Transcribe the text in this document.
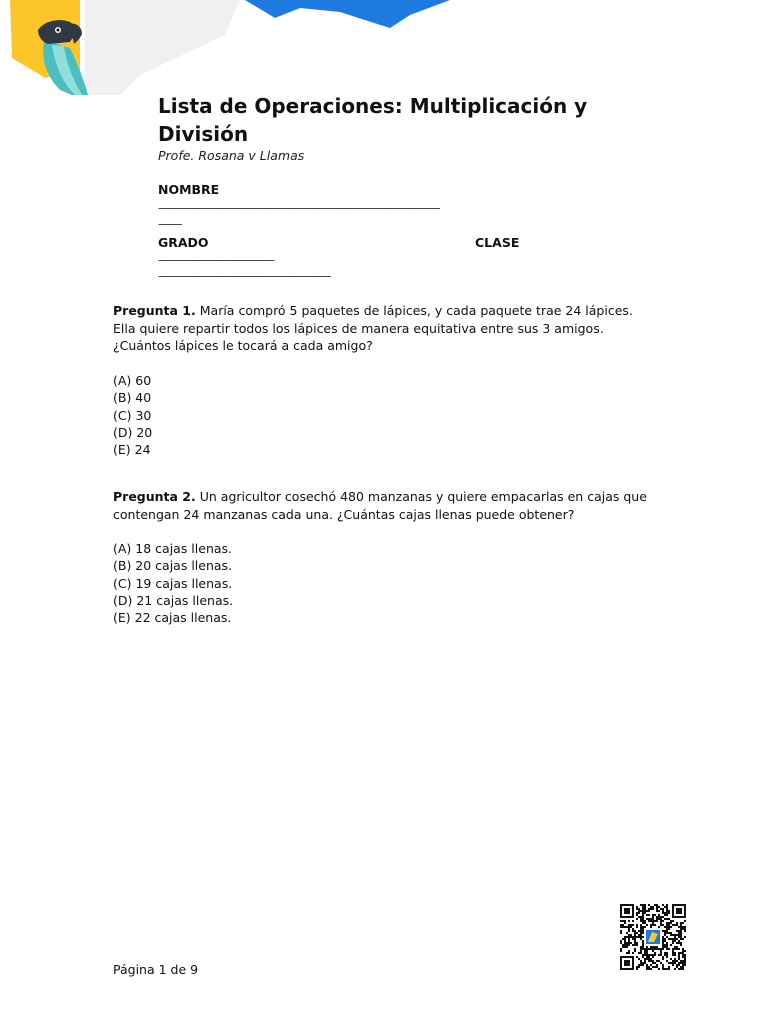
Lista de Operaciones: Multiplicación y División
Profe. Rosana v Llamas
NOMBRE
-------------------------------------------------------------------------------------
-------
GRADO	CLASE
-----------------------------------
----------------------------------------------------
Pregunta 1. María compró 5 paquetes de lápices, y cada paquete trae 24 lápices. Ella quiere repartir todos los lápices de manera equitativa entre sus 3 amigos. ¿Cuántos lápices le tocará a cada amigo?
(A) 60
(B) 40
(C) 30
(D) 20
(E) 24
Pregunta 2. Un agricultor cosechó 480 manzanas y quiere empacarlas en cajas que contengan 24 manzanas cada una. ¿Cuántas cajas llenas puede obtener?
(A) 18 cajas llenas.
(B) 20 cajas llenas.
(C) 19 cajas llenas.
(D) 21 cajas llenas.
(E) 22 cajas llenas.
Página 1 de 9
